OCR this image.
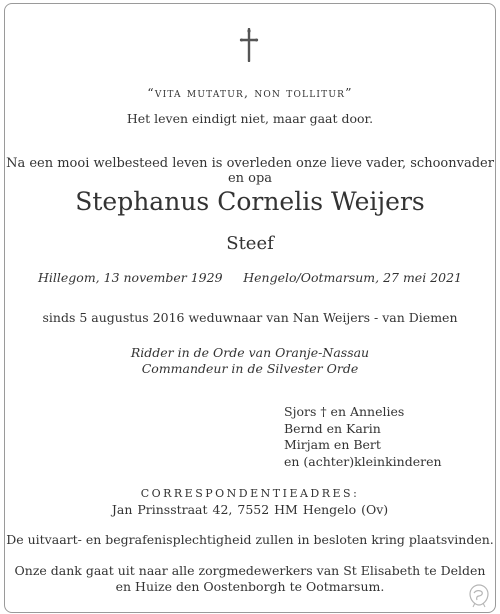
“vita mutatur, non tollitur”
Het leven eindigt niet, maar gaat door.
Na een mooi welbesteed leven is overleden onze lieve vader, schoonvader en opa
Stephanus Cornelis Weijers
Steef
Hillegom, 13 november 1929 Hengelo/Ootmarsum, 27 mei 2021
sinds 5 augustus 2016 weduwnaar van Nan Weijers - van Diemen
Ridder in de Orde van Oranje-Nassau
Commandeur in de Silvester Orde
Sjors † en Annelies
Bernd en Karin
Mirjam en Bert
en (achter)kleinkinderen
CORRESPONDENTIEADRES:
Jan Prinsstraat 42, 7552 HM Hengelo (Ov)
De uitvaart- en begrafenisplechtigheid zullen in besloten kring plaatsvinden.
Onze dank gaat uit naar alle zorgmedewerkers van St Elisabeth te Delden
en Huize den Oostenborgh te Ootmarsum.
